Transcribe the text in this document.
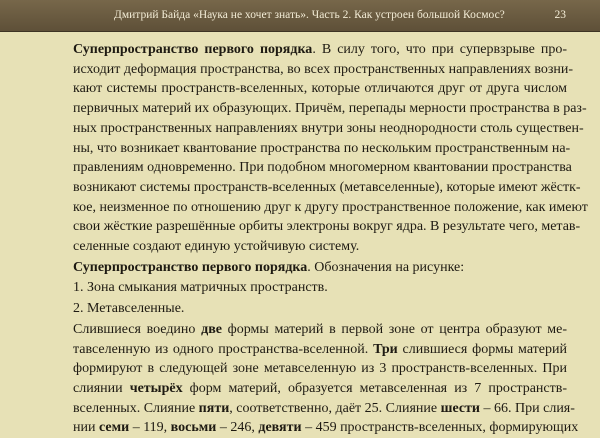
Дмитрий Байда «Наука не хочет знать». Часть 2. Как устроен большой Космос?	23

Суперпространство первого порядка. В силу того, что при супервзрыве про-
исходит деформация пространства, во всех пространственных направлениях возни-
кают системы пространств-вселенных, которые отличаются друг от друга числом
первичных материй их образующих. Причём, перепады мерности пространства в раз-
ных пространственных направлениях внутри зоны неоднородности столь существен-
ны, что возникает квантование пространства по нескольким пространственным на-
правлениям одновременно. При подобном многомерном квантовании пространства
возникают системы пространств-вселенных (метавселенные), которые имеют жёстк-
кое, неизменное по отношению друг к другу пространственное положение, как имеют
свои жёсткие разрешённые орбиты электроны вокруг ядра. В результате чего, метав-
селенные создают единую устойчивую систему.

Суперпространство первого порядка. Обозначения на рисунке:

1. Зона смыкания матричных пространств.

2. Метавселенные.

Слившиеся воедино две формы материй в первой зоне от центра образуют ме-
тавселенную из одного пространства-вселенной. Три слившиеся формы материй
формируют в следующей зоне метавселенную из 3 пространств-вселенных. При
слиянии четырёх форм материй, образуется метавселенная из 7 пространств-
вселенных. Слияние пяти, соответственно, даёт 25. Слияние шести – 66. При слия-
нии семи – 119, восьми – 246, девяти – 459 пространств-вселенных, формирующих
